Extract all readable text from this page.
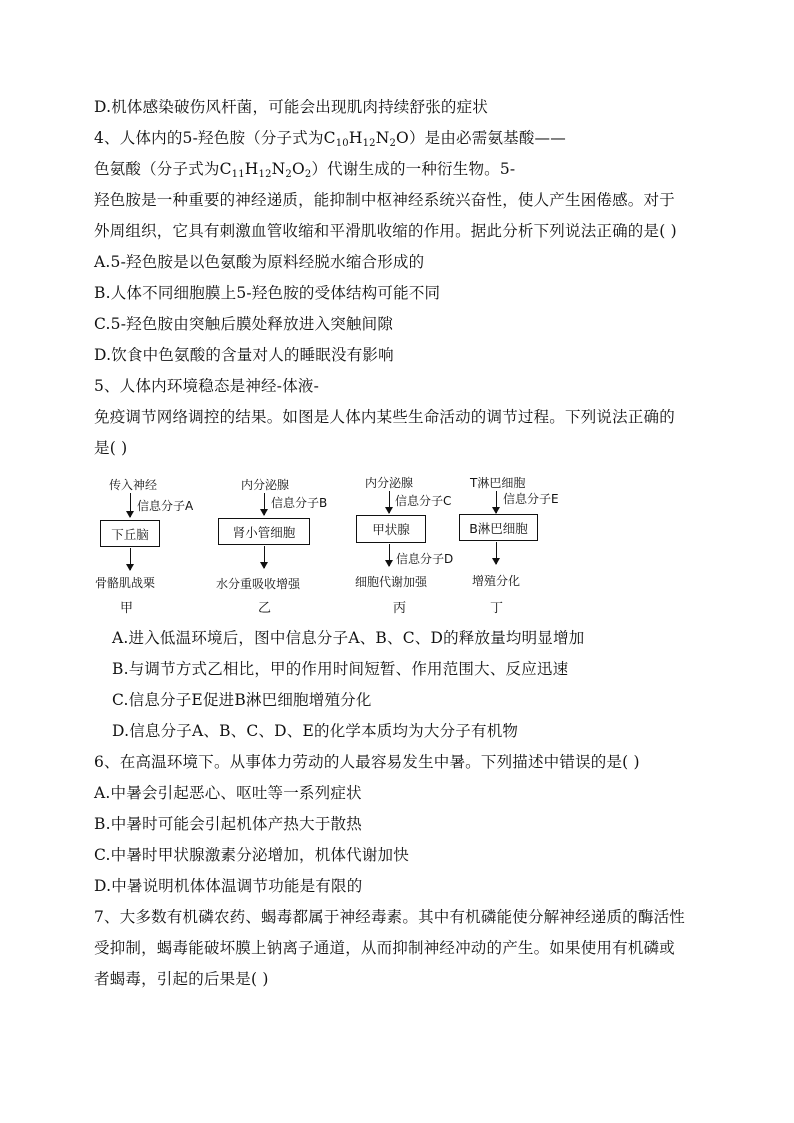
D.机体感染破伤风杆菌，可能会出现肌肉持续舒张的症状
4、人体内的5-羟色胺（分子式为$C_{10}H_{12}N_2O$）是由必需氨基酸——
色氨酸（分子式为$C_{11}H_{12}N_2O_2$）代谢生成的一种衍生物。5-
羟色胺是一种重要的神经递质，能抑制中枢神经系统兴奋性，使人产生困倦感。对于
外周组织，它具有刺激血管收缩和平滑肌收缩的作用。据此分析下列说法正确的是( )
A.5-羟色胺是以色氨酸为原料经脱水缩合形成的
B.人体不同细胞膜上5-羟色胺的受体结构可能不同
C.5-羟色胺由突触后膜处释放进入突触间隙
D.饮食中色氨酸的含量对人的睡眠没有影响
5、人体内环境稳态是神经-体液-
免疫调节网络调控的结果。如图是人体内某些生命活动的调节过程。下列说法正确的
是( )
传入神经
信息分子A
下丘脑
骨骼肌战栗
甲
内分泌腺
信息分子B
肾小管细胞
水分重吸收增强
乙
内分泌腺
信息分子C
甲状腺
信息分子D
细胞代谢加强
丙
T淋巴细胞
信息分子E
B淋巴细胞
增殖分化
丁
A.进入低温环境后，图中信息分子A、B、C、D的释放量均明显增加
B.与调节方式乙相比，甲的作用时间短暂、作用范围大、反应迅速
C.信息分子E促进B淋巴细胞增殖分化
D.信息分子A、B、C、D、E的化学本质均为大分子有机物
6、在高温环境下。从事体力劳动的人最容易发生中暑。下列描述中错误的是( )
A.中暑会引起恶心、呕吐等一系列症状
B.中暑时可能会引起机体产热大于散热
C.中暑时甲状腺激素分泌增加，机体代谢加快
D.中暑说明机体体温调节功能是有限的
7、大多数有机磷农药、蝎毒都属于神经毒素。其中有机磷能使分解神经递质的酶活性
受抑制，蝎毒能破坏膜上钠离子通道，从而抑制神经冲动的产生。如果使用有机磷或
者蝎毒，引起的后果是( )
